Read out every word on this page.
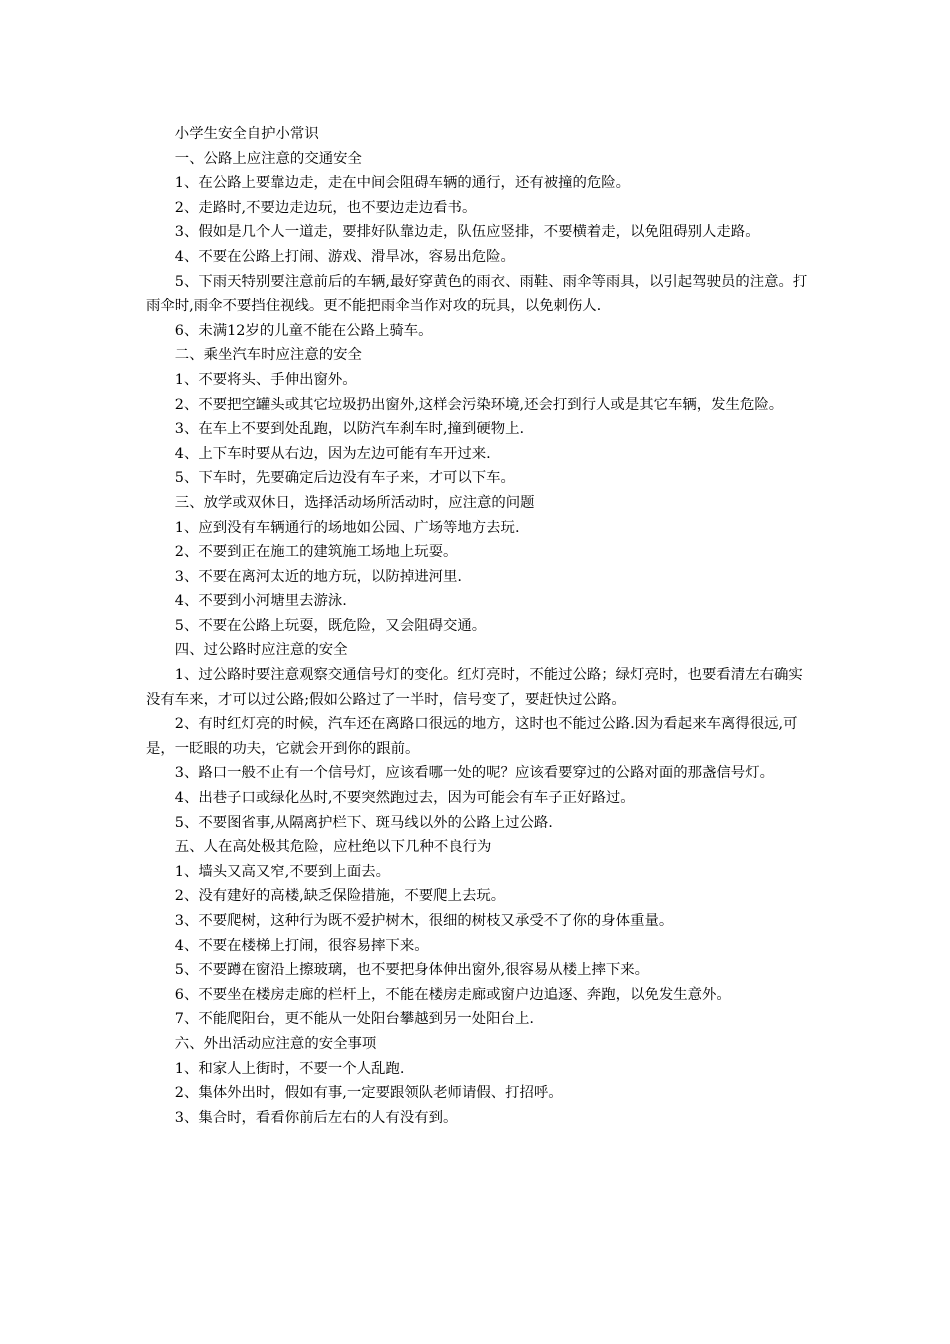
小学生安全自护小常识

一、公路上应注意的交通安全

1、在公路上要靠边走，走在中间会阻碍车辆的通行，还有被撞的危险。

2、走路时,不要边走边玩，也不要边走边看书。

3、假如是几个人一道走，要排好队靠边走，队伍应竖排，不要横着走，以免阻碍别人走路。

4、不要在公路上打闹、游戏、滑旱冰，容易出危险。

5、下雨天特别要注意前后的车辆,最好穿黄色的雨衣、雨鞋、雨伞等雨具，以引起驾驶员的注意。打雨伞时,雨伞不要挡住视线。更不能把雨伞当作对攻的玩具，以免刺伤人.

6、未满12岁的儿童不能在公路上骑车。

二、乘坐汽车时应注意的安全

1、不要将头、手伸出窗外。

2、不要把空罐头或其它垃圾扔出窗外,这样会污染环境,还会打到行人或是其它车辆，发生危险。

3、在车上不要到处乱跑，以防汽车刹车时,撞到硬物上.

4、上下车时要从右边，因为左边可能有车开过来.

5、下车时，先要确定后边没有车子来，才可以下车。

三、放学或双休日，选择活动场所活动时，应注意的问题

1、应到没有车辆通行的场地如公园、广场等地方去玩.

2、不要到正在施工的建筑施工场地上玩耍。

3、不要在离河太近的地方玩，以防掉进河里.

4、不要到小河塘里去游泳.

5、不要在公路上玩耍，既危险，又会阻碍交通。

四、过公路时应注意的安全

1、过公路时要注意观察交通信号灯的变化。红灯亮时，不能过公路；绿灯亮时，也要看清左右确实没有车来，才可以过公路;假如公路过了一半时，信号变了，要赶快过公路。

2、有时红灯亮的时候，汽车还在离路口很远的地方，这时也不能过公路.因为看起来车离得很远,可是，一眨眼的功夫，它就会开到你的跟前。

3、路口一般不止有一个信号灯，应该看哪一处的呢？应该看要穿过的公路对面的那盏信号灯。

4、出巷子口或绿化丛时,不要突然跑过去，因为可能会有车子正好路过。

5、不要图省事,从隔离护栏下、斑马线以外的公路上过公路.

五、人在高处极其危险，应杜绝以下几种不良行为

1、墙头又高又窄,不要到上面去。

2、没有建好的高楼,缺乏保险措施，不要爬上去玩。

3、不要爬树，这种行为既不爱护树木，很细的树枝又承受不了你的身体重量。

4、不要在楼梯上打闹，很容易摔下来。

5、不要蹲在窗沿上擦玻璃，也不要把身体伸出窗外,很容易从楼上摔下来。

6、不要坐在楼房走廊的栏杆上，不能在楼房走廊或窗户边追逐、奔跑，以免发生意外。

7、不能爬阳台，更不能从一处阳台攀越到另一处阳台上.

六、外出活动应注意的安全事项

1、和家人上街时，不要一个人乱跑.

2、集体外出时，假如有事,一定要跟领队老师请假、打招呼。

3、集合时，看看你前后左右的人有没有到。
